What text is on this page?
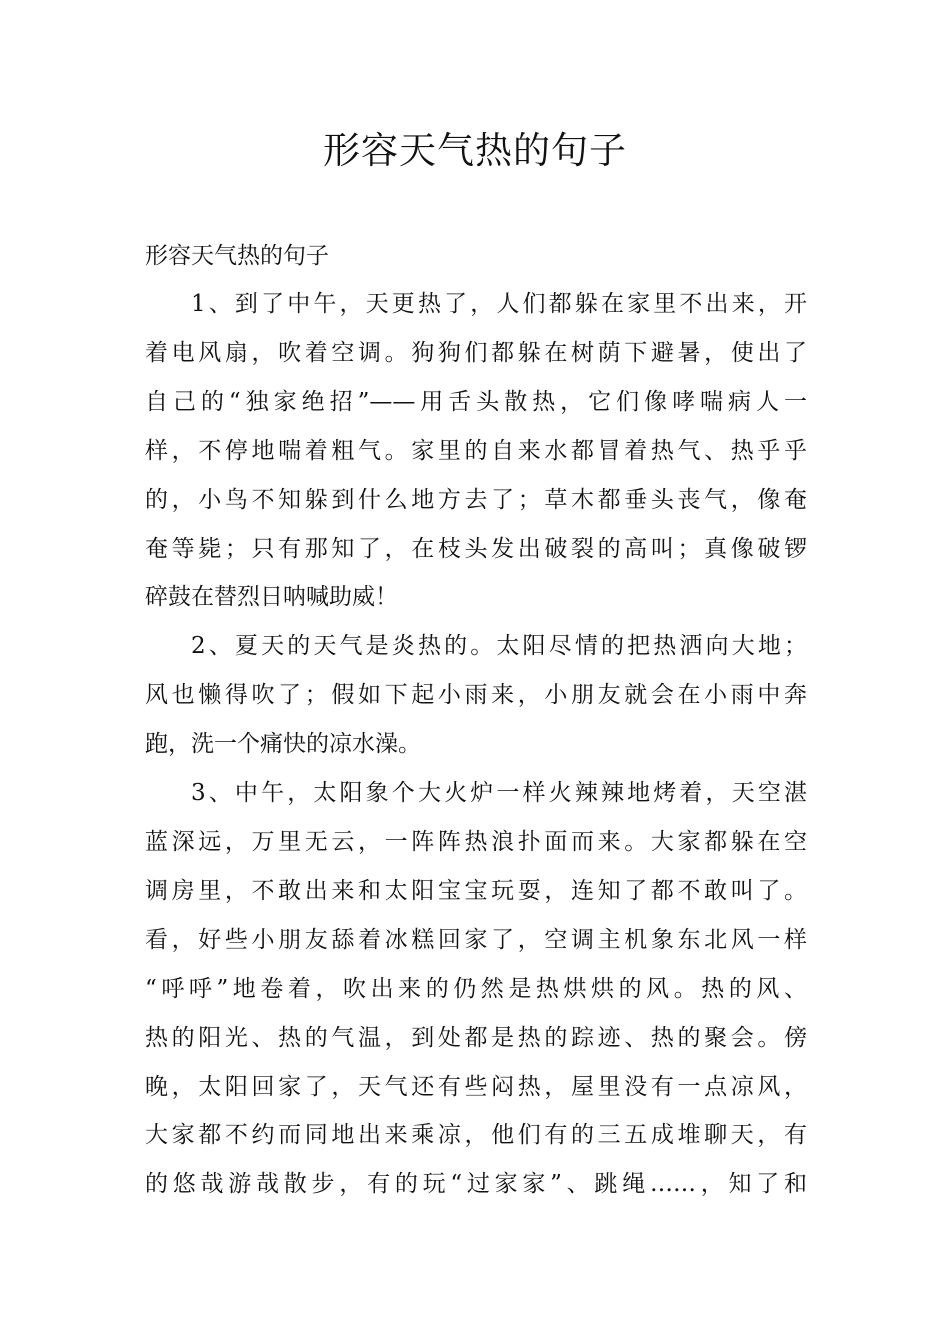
形容天气热的句子

形容天气热的句子

1、到了中午，天更热了，人们都躲在家里不出来，开

着电风扇，吹着空调。狗狗们都躲在树荫下避暑，使出了

自己的“独家绝招”——用舌头散热，它们像哮喘病人一

样，不停地喘着粗气。家里的自来水都冒着热气、热乎乎

的，小鸟不知躲到什么地方去了；草木都垂头丧气，像奄

奄等毙；只有那知了，在枝头发出破裂的高叫；真像破锣

碎鼓在替烈日呐喊助威！

2、夏天的天气是炎热的。太阳尽情的把热洒向大地；

风也懒得吹了；假如下起小雨来，小朋友就会在小雨中奔

跑，洗一个痛快的凉水澡。

3、中午，太阳象个大火炉一样火辣辣地烤着，天空湛

蓝深远，万里无云，一阵阵热浪扑面而来。大家都躲在空

调房里，不敢出来和太阳宝宝玩耍，连知了都不敢叫了。

看，好些小朋友舔着冰糕回家了，空调主机象东北风一样

“呼呼”地卷着，吹出来的仍然是热烘烘的风。热的风、

热的阳光、热的气温，到处都是热的踪迹、热的聚会。傍

晚，太阳回家了，天气还有些闷热，屋里没有一点凉风，

大家都不约而同地出来乘凉，他们有的三五成堆聊天，有

的悠哉游哉散步，有的玩“过家家”、跳绳……，知了和
